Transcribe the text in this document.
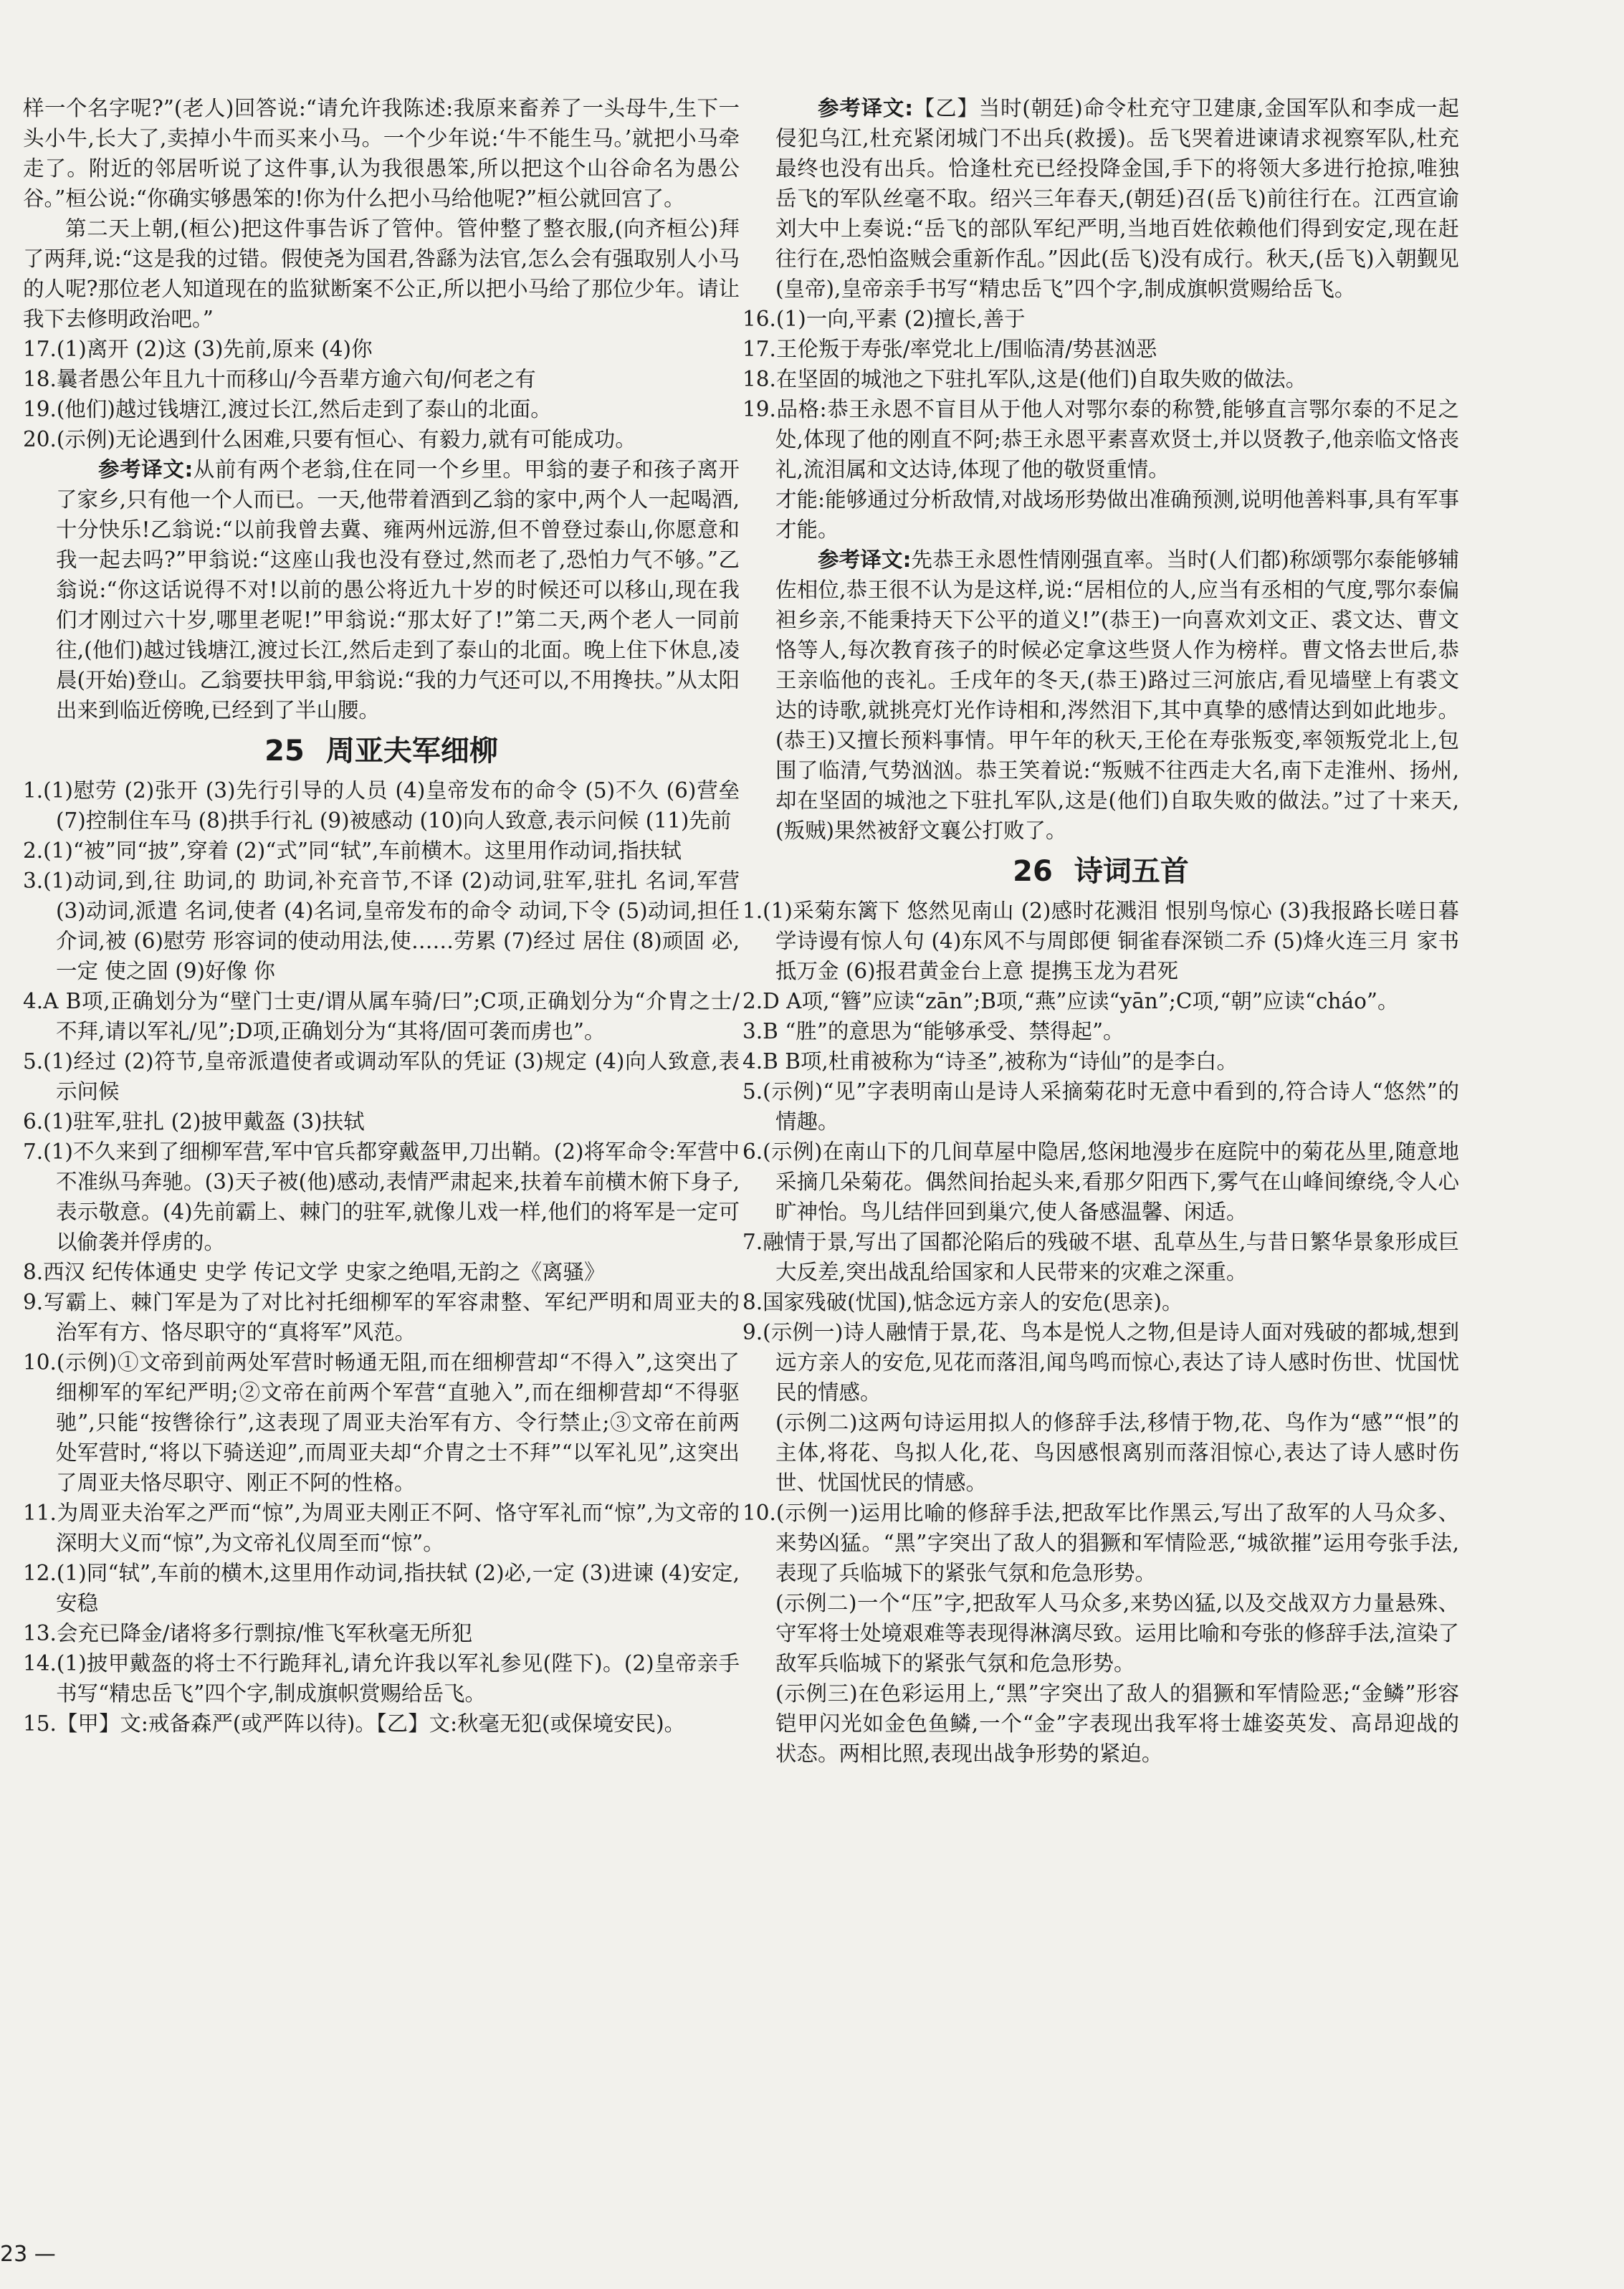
样一个名字呢?”(老人)回答说:“请允许我陈述:我原来畜养了一头母牛,生下一头小牛,长大了,卖掉小牛而买来小马。一个少年说:‘牛不能生马。’就把小马牵走了。附近的邻居听说了这件事,认为我很愚笨,所以把这个山谷命名为愚公谷。”桓公说:“你确实够愚笨的!你为什么把小马给他呢?”桓公就回宫了。

第二天上朝,(桓公)把这件事告诉了管仲。管仲整了整衣服,(向齐桓公)拜了两拜,说:“这是我的过错。假使尧为国君,咎繇为法官,怎么会有强取别人小马的人呢?那位老人知道现在的监狱断案不公正,所以把小马给了那位少年。请让我下去修明政治吧。”

17.(1)离开 (2)这 (3)先前,原来 (4)你

18.曩者愚公年且九十而移山/今吾辈方逾六旬/何老之有

19.(他们)越过钱塘江,渡过长江,然后走到了泰山的北面。

20.(示例)无论遇到什么困难,只要有恒心、有毅力,就有可能成功。

参考译文:从前有两个老翁,住在同一个乡里。甲翁的妻子和孩子离开了家乡,只有他一个人而已。一天,他带着酒到乙翁的家中,两个人一起喝酒,十分快乐!乙翁说:“以前我曾去冀、雍两州远游,但不曾登过泰山,你愿意和我一起去吗?”甲翁说:“这座山我也没有登过,然而老了,恐怕力气不够。”乙翁说:“你这话说得不对!以前的愚公将近九十岁的时候还可以移山,现在我们才刚过六十岁,哪里老呢!”甲翁说:“那太好了!”第二天,两个老人一同前往,(他们)越过钱塘江,渡过长江,然后走到了泰山的北面。晚上住下休息,凌晨(开始)登山。乙翁要扶甲翁,甲翁说:“我的力气还可以,不用搀扶。”从太阳出来到临近傍晚,已经到了半山腰。

25 周亚夫军细柳

1.(1)慰劳 (2)张开 (3)先行引导的人员 (4)皇帝发布的命令 (5)不久 (6)营垒 (7)控制住车马 (8)拱手行礼 (9)被感动 (10)向人致意,表示问候 (11)先前

2.(1)“被”同“披”,穿着 (2)“式”同“轼”,车前横木。这里用作动词,指扶轼

3.(1)动词,到,往 助词,的 助词,补充音节,不译 (2)动词,驻军,驻扎 名词,军营 (3)动词,派遣 名词,使者 (4)名词,皇帝发布的命令 动词,下令 (5)动词,担任 介词,被 (6)慰劳 形容词的使动用法,使……劳累 (7)经过 居住 (8)顽固 必,一定 使之固 (9)好像 你

4.A B项,正确划分为“壁门士吏/谓从属车骑/曰”;C项,正确划分为“介胄之士/不拜,请以军礼/见”;D项,正确划分为“其将/固可袭而虏也”。

5.(1)经过 (2)符节,皇帝派遣使者或调动军队的凭证 (3)规定 (4)向人致意,表示问候

6.(1)驻军,驻扎 (2)披甲戴盔 (3)扶轼

7.(1)不久来到了细柳军营,军中官兵都穿戴盔甲,刀出鞘。(2)将军命令:军营中不准纵马奔驰。(3)天子被(他)感动,表情严肃起来,扶着车前横木俯下身子,表示敬意。(4)先前霸上、棘门的驻军,就像儿戏一样,他们的将军是一定可以偷袭并俘虏的。

8.西汉 纪传体通史 史学 传记文学 史家之绝唱,无韵之《离骚》

9.写霸上、棘门军是为了对比衬托细柳军的军容肃整、军纪严明和周亚夫的治军有方、恪尽职守的“真将军”风范。

10.(示例)①文帝到前两处军营时畅通无阻,而在细柳营却“不得入”,这突出了细柳军的军纪严明;②文帝在前两个军营“直驰入”,而在细柳营却“不得驱驰”,只能“按辔徐行”,这表现了周亚夫治军有方、令行禁止;③文帝在前两处军营时,“将以下骑送迎”,而周亚夫却“介胄之士不拜”“以军礼见”,这突出了周亚夫恪尽职守、刚正不阿的性格。

11.为周亚夫治军之严而“惊”,为周亚夫刚正不阿、恪守军礼而“惊”,为文帝的深明大义而“惊”,为文帝礼仪周至而“惊”。

12.(1)同“轼”,车前的横木,这里用作动词,指扶轼 (2)必,一定 (3)进谏 (4)安定,安稳

13.会充已降金/诸将多行剽掠/惟飞军秋毫无所犯

14.(1)披甲戴盔的将士不行跪拜礼,请允许我以军礼参见(陛下)。(2)皇帝亲手书写“精忠岳飞”四个字,制成旗帜赏赐给岳飞。

15.【甲】文:戒备森严(或严阵以待)。【乙】文:秋毫无犯(或保境安民)。

参考译文:【乙】当时(朝廷)命令杜充守卫建康,金国军队和李成一起侵犯乌江,杜充紧闭城门不出兵(救援)。岳飞哭着进谏请求视察军队,杜充最终也没有出兵。恰逢杜充已经投降金国,手下的将领大多进行抢掠,唯独岳飞的军队丝毫不取。绍兴三年春天,(朝廷)召(岳飞)前往行在。江西宣谕刘大中上奏说:“岳飞的部队军纪严明,当地百姓依赖他们得到安定,现在赶往行在,恐怕盗贼会重新作乱。”因此(岳飞)没有成行。秋天,(岳飞)入朝觐见(皇帝),皇帝亲手书写“精忠岳飞”四个字,制成旗帜赏赐给岳飞。

16.(1)一向,平素 (2)擅长,善于

17.王伦叛于寿张/率党北上/围临清/势甚汹恶

18.在坚固的城池之下驻扎军队,这是(他们)自取失败的做法。

19.品格:恭王永恩不盲目从于他人对鄂尔泰的称赞,能够直言鄂尔泰的不足之处,体现了他的刚直不阿;恭王永恩平素喜欢贤士,并以贤教子,他亲临文恪丧礼,流泪属和文达诗,体现了他的敬贤重情。

才能:能够通过分析敌情,对战场形势做出准确预测,说明他善料事,具有军事才能。

参考译文:先恭王永恩性情刚强直率。当时(人们都)称颂鄂尔泰能够辅佐相位,恭王很不认为是这样,说:“居相位的人,应当有丞相的气度,鄂尔泰偏袒乡亲,不能秉持天下公平的道义!”(恭王)一向喜欢刘文正、裘文达、曹文恪等人,每次教育孩子的时候必定拿这些贤人作为榜样。曹文恪去世后,恭王亲临他的丧礼。壬戌年的冬天,(恭王)路过三河旅店,看见墙壁上有裘文达的诗歌,就挑亮灯光作诗相和,涔然泪下,其中真挚的感情达到如此地步。(恭王)又擅长预料事情。甲午年的秋天,王伦在寿张叛变,率领叛党北上,包围了临清,气势汹汹。恭王笑着说:“叛贼不往西走大名,南下走淮州、扬州,却在坚固的城池之下驻扎军队,这是(他们)自取失败的做法。”过了十来天,(叛贼)果然被舒文襄公打败了。

26 诗词五首

1.(1)采菊东篱下 悠然见南山 (2)感时花溅泪 恨别鸟惊心 (3)我报路长嗟日暮 学诗谩有惊人句 (4)东风不与周郎便 铜雀春深锁二乔 (5)烽火连三月 家书抵万金 (6)报君黄金台上意 提携玉龙为君死

2.D A项,“簪”应读“zān”;B项,“燕”应读“yān”;C项,“朝”应读“cháo”。

3.B “胜”的意思为“能够承受、禁得起”。

4.B B项,杜甫被称为“诗圣”,被称为“诗仙”的是李白。

5.(示例)“见”字表明南山是诗人采摘菊花时无意中看到的,符合诗人“悠然”的情趣。

6.(示例)在南山下的几间草屋中隐居,悠闲地漫步在庭院中的菊花丛里,随意地采摘几朵菊花。偶然间抬起头来,看那夕阳西下,雾气在山峰间缭绕,令人心旷神怡。鸟儿结伴回到巢穴,使人备感温馨、闲适。

7.融情于景,写出了国都沦陷后的残破不堪、乱草丛生,与昔日繁华景象形成巨大反差,突出战乱给国家和人民带来的灾难之深重。

8.国家残破(忧国),惦念远方亲人的安危(思亲)。

9.(示例一)诗人融情于景,花、鸟本是悦人之物,但是诗人面对残破的都城,想到远方亲人的安危,见花而落泪,闻鸟鸣而惊心,表达了诗人感时伤世、忧国忧民的情感。

(示例二)这两句诗运用拟人的修辞手法,移情于物,花、鸟作为“感”“恨”的主体,将花、鸟拟人化,花、鸟因感恨离别而落泪惊心,表达了诗人感时伤世、忧国忧民的情感。

10.(示例一)运用比喻的修辞手法,把敌军比作黑云,写出了敌军的人马众多、来势凶猛。“黑”字突出了敌人的猖獗和军情险恶,“城欲摧”运用夸张手法,表现了兵临城下的紧张气氛和危急形势。

(示例二)一个“压”字,把敌军人马众多,来势凶猛,以及交战双方力量悬殊、守军将士处境艰难等表现得淋漓尽致。运用比喻和夸张的修辞手法,渲染了敌军兵临城下的紧张气氛和危急形势。

(示例三)在色彩运用上,“黑”字突出了敌人的猖獗和军情险恶;“金鳞”形容铠甲闪光如金色鱼鳞,一个“金”字表现出我军将士雄姿英发、高昂迎战的状态。两相比照,表现出战争形势的紧迫。

23 —
